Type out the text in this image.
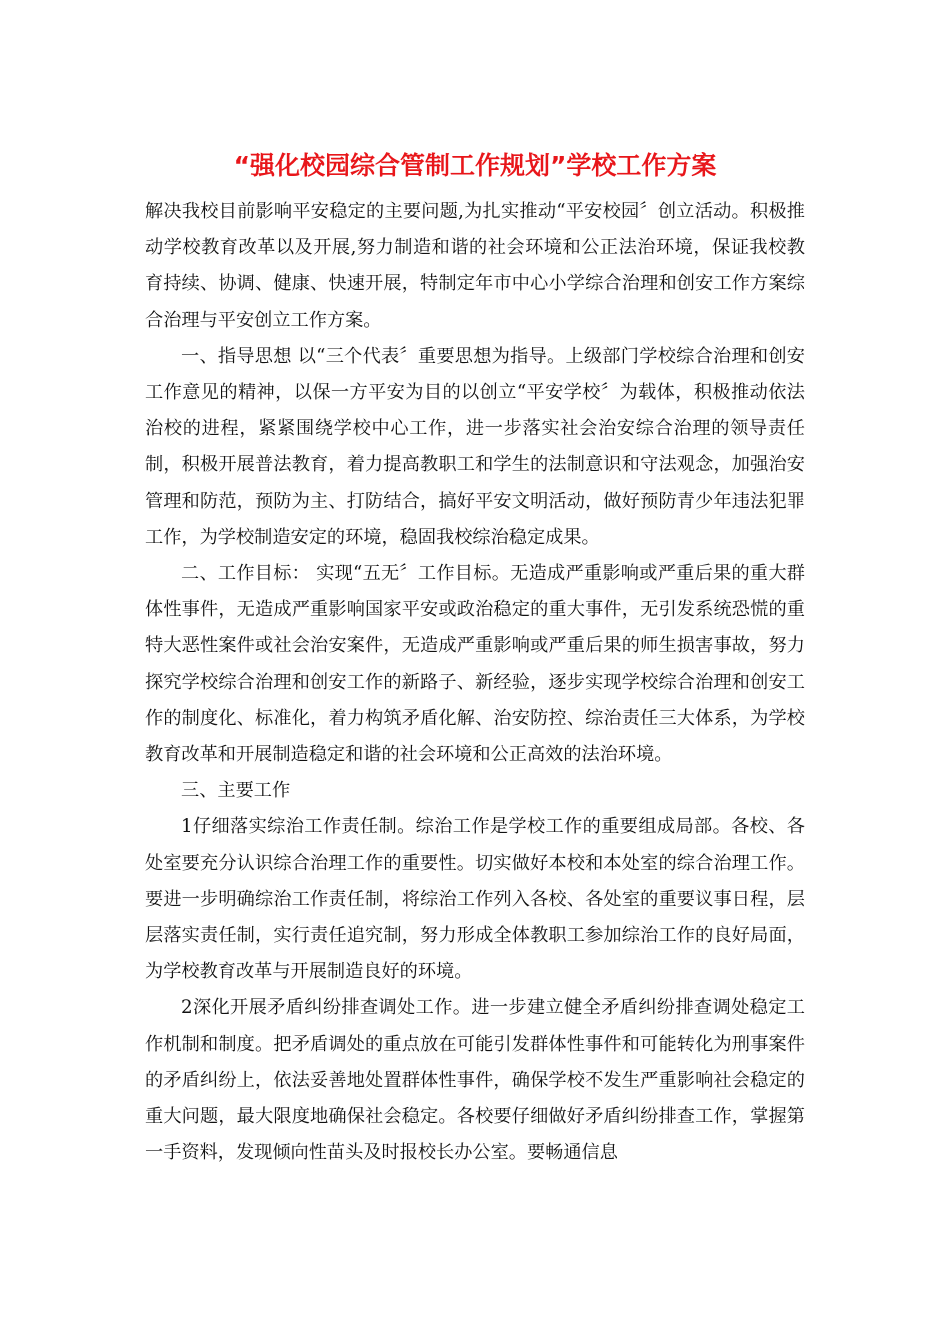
“强化校园综合管制工作规划”学校工作方案

解决我校目前影响平安稳定的主要问题,为扎实推动“平安校园〞创立活动。积极推动学校教育改革以及开展,努力制造和谐的社会环境和公正法治环境，保证我校教育持续、协调、健康、快速开展，特制定年市中心小学综合治理和创安工作方案综合治理与平安创立工作方案。

一、指导思想 以“三个代表〞重要思想为指导。上级部门学校综合治理和创安工作意见的精神，以保一方平安为目的以创立“平安学校〞为载体，积极推动依法治校的进程，紧紧围绕学校中心工作，进一步落实社会治安综合治理的领导责任制，积极开展普法教育，着力提高教职工和学生的法制意识和守法观念，加强治安管理和防范，预防为主、打防结合，搞好平安文明活动，做好预防青少年违法犯罪工作，为学校制造安定的环境，稳固我校综治稳定成果。

二、工作目标： 实现“五无〞工作目标。无造成严重影响或严重后果的重大群体性事件，无造成严重影响国家平安或政治稳定的重大事件，无引发系统恐慌的重特大恶性案件或社会治安案件，无造成严重影响或严重后果的师生损害事故，努力探究学校综合治理和创安工作的新路子、新经验，逐步实现学校综合治理和创安工作的制度化、标准化，着力构筑矛盾化解、治安防控、综治责任三大体系，为学校教育改革和开展制造稳定和谐的社会环境和公正高效的法治环境。

三、主要工作

1仔细落实综治工作责任制。综治工作是学校工作的重要组成局部。各校、各处室要充分认识综合治理工作的重要性。切实做好本校和本处室的综合治理工作。要进一步明确综治工作责任制，将综治工作列入各校、各处室的重要议事日程，层层落实责任制，实行责任追究制，努力形成全体教职工参加综治工作的良好局面，为学校教育改革与开展制造良好的环境。

2深化开展矛盾纠纷排查调处工作。进一步建立健全矛盾纠纷排查调处稳定工作机制和制度。把矛盾调处的重点放在可能引发群体性事件和可能转化为刑事案件的矛盾纠纷上，依法妥善地处置群体性事件，确保学校不发生严重影响社会稳定的重大问题，最大限度地确保社会稳定。各校要仔细做好矛盾纠纷排查工作，掌握第一手资料，发现倾向性苗头及时报校长办公室。要畅通信息
